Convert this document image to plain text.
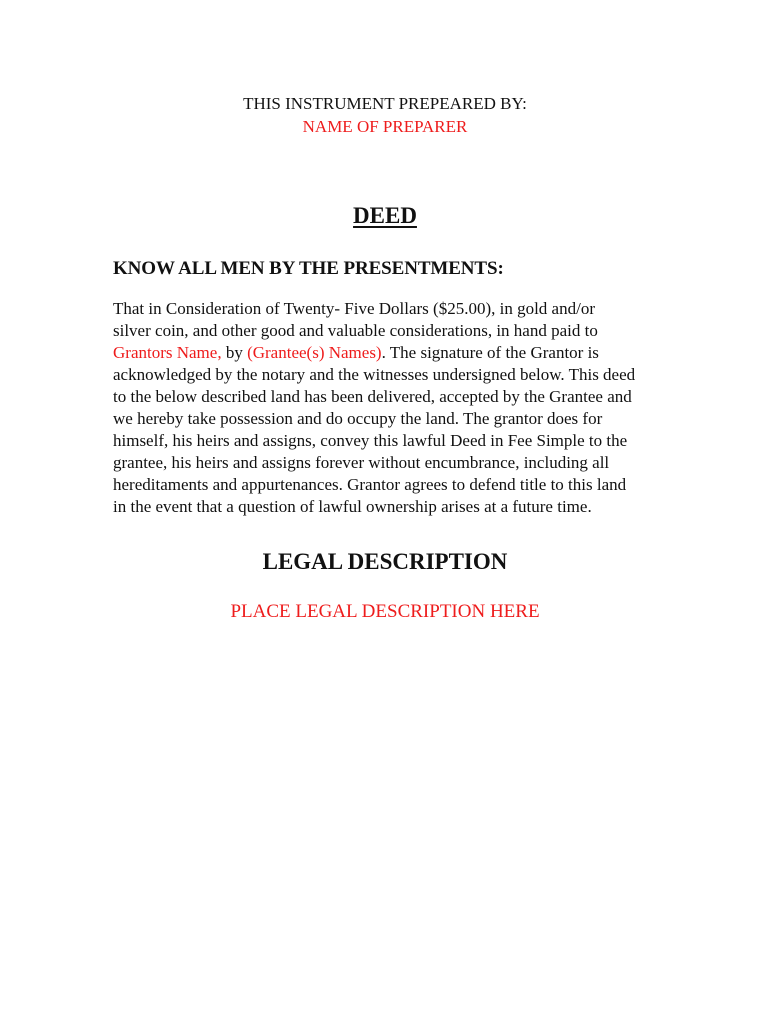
THIS INSTRUMENT PREPEARED BY:
NAME OF PREPARER
DEED
KNOW ALL MEN BY THE PRESENTMENTS:

That in Consideration of Twenty- Five Dollars ($25.00), in gold and/or
silver coin, and other good and valuable considerations, in hand paid to
Grantors Name, by (Grantee(s) Names). The signature of the Grantor is
acknowledged by the notary and the witnesses undersigned below. This deed
to the below described land has been delivered, accepted by the Grantee and
we hereby take possession and do occupy the land. The grantor does for
himself, his heirs and assigns, convey this lawful Deed in Fee Simple to the
grantee, his heirs and assigns forever without encumbrance, including all
hereditaments and appurtenances. Grantor agrees to defend title to this land
in the event that a question of lawful ownership arises at a future time.

LEGAL DESCRIPTION

PLACE LEGAL DESCRIPTION HERE
